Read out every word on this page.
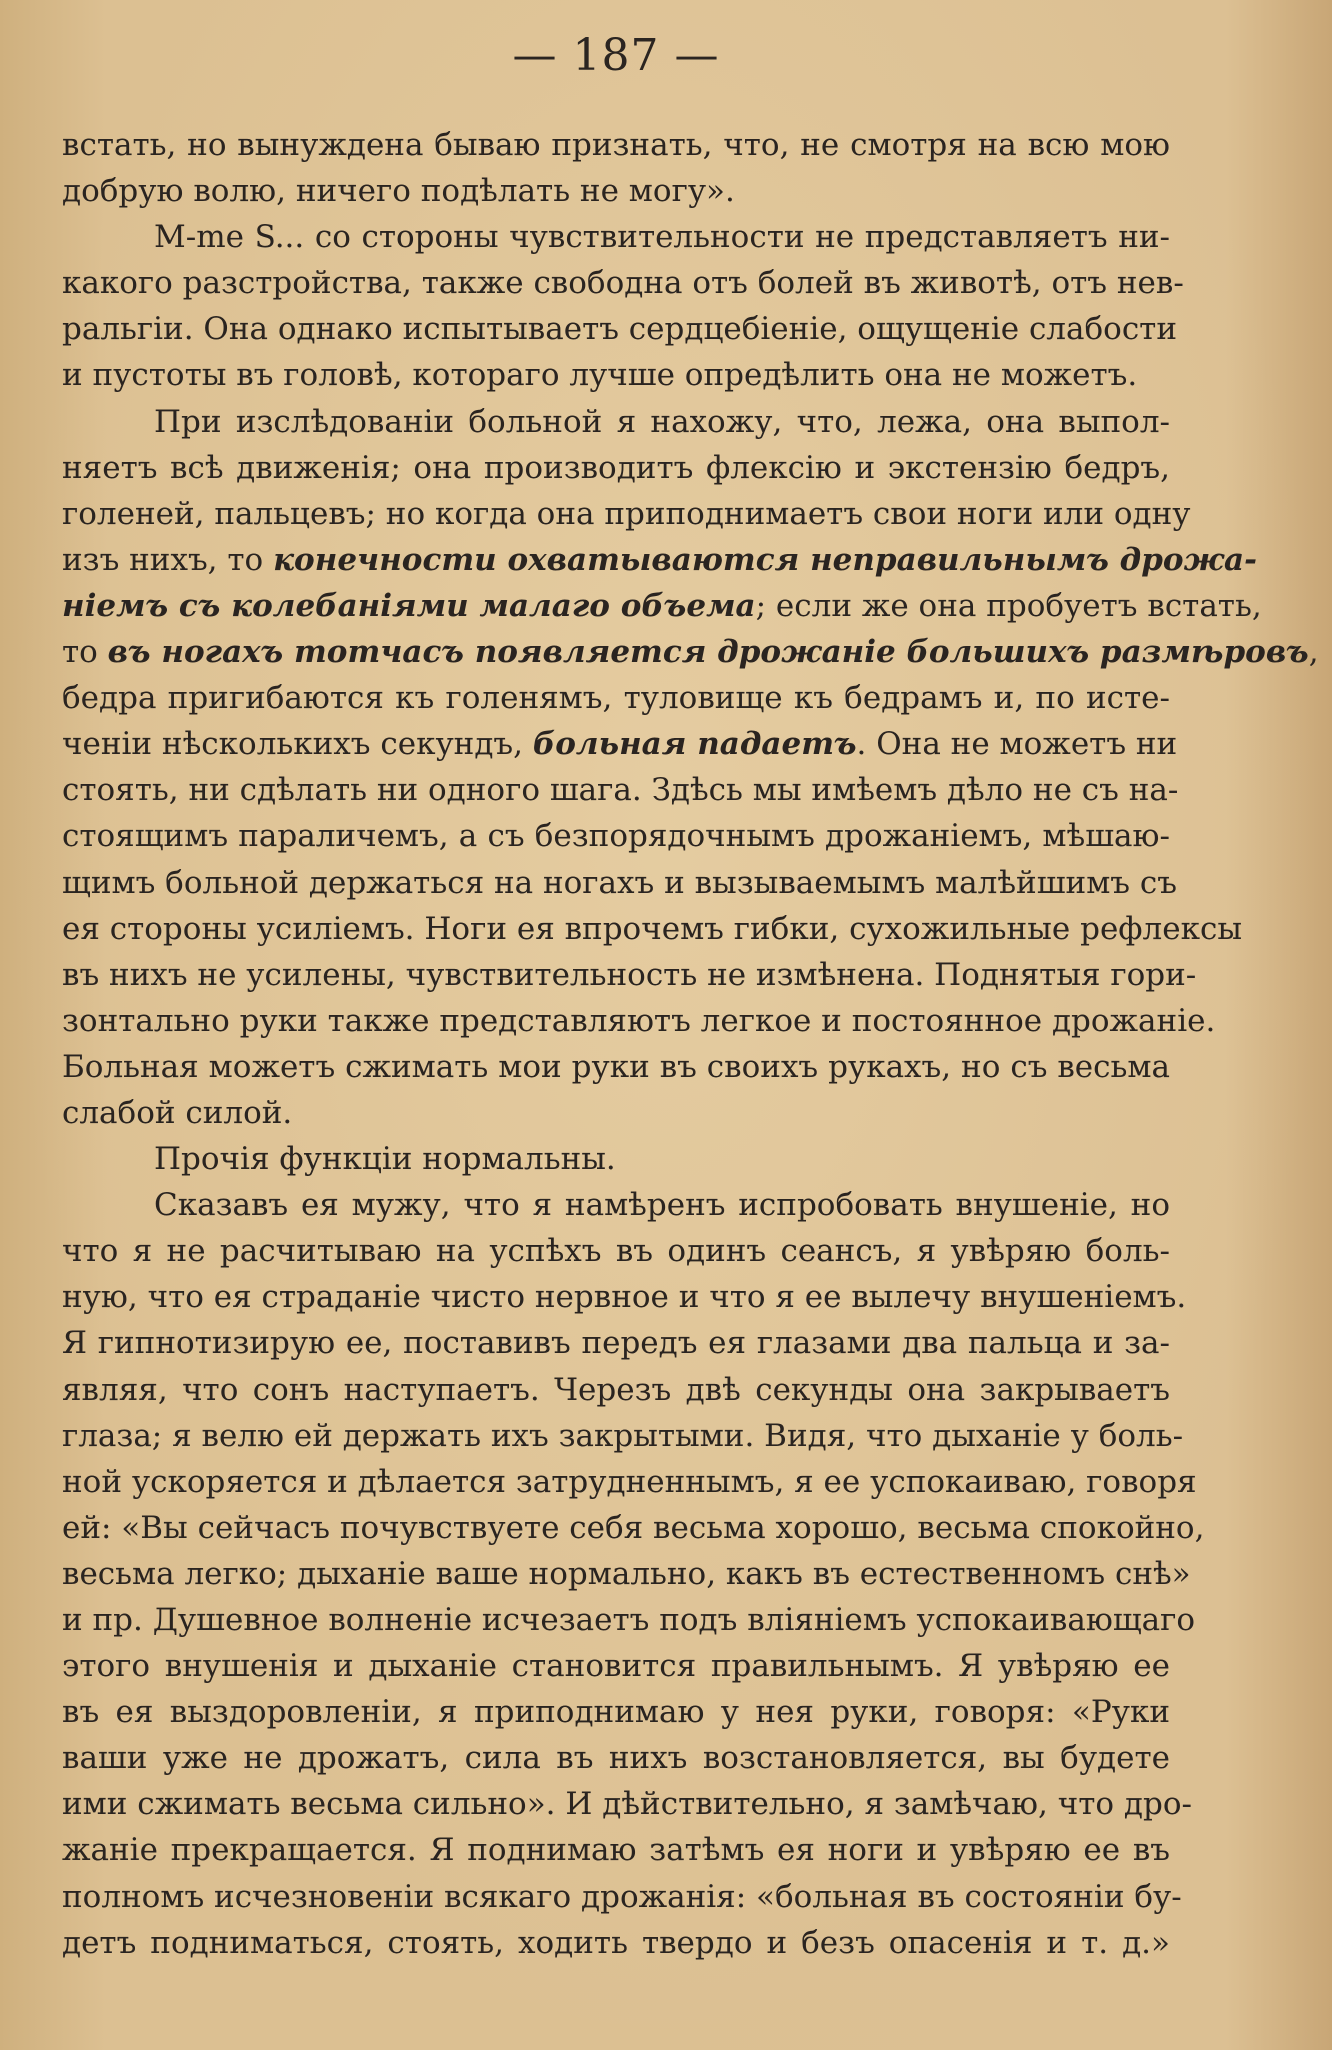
— 187 —
встать, но вынуждена бываю признать, что, не смотря на всю мою
добрую волю, ничего подѣлать не могу».
M-me S... со стороны чувствительности не представляетъ ни-
какого разстройства, также свободна отъ болей въ животѣ, отъ нев-
ральгіи. Она однако испытываетъ сердцебіеніе, ощущеніе слабости
и пустоты въ головѣ, котораго лучше опредѣлить она не можетъ.
При изслѣдованіи больной я нахожу, что, лежа, она выпол-
няетъ всѣ движенія; она производитъ флексію и экстензію бедръ,
голеней, пальцевъ; но когда она приподнимаетъ свои ноги или одну
изъ нихъ, то конечности охватываются неправильнымъ дрожа-
ніемъ съ колебаніями малаго объема; если же она пробуетъ встать,
то въ ногахъ тотчасъ появляется дрожаніе большихъ размѣровъ,
бедра пригибаются къ голенямъ, туловище къ бедрамъ и, по исте-
ченіи нѣсколькихъ секундъ, больная падаетъ. Она не можетъ ни
стоять, ни сдѣлать ни одного шага. Здѣсь мы имѣемъ дѣло не съ на-
стоящимъ параличемъ, а съ безпорядочнымъ дрожаніемъ, мѣшаю-
щимъ больной держаться на ногахъ и вызываемымъ малѣйшимъ съ
ея стороны усиліемъ. Ноги ея впрочемъ гибки, сухожильные рефлексы
въ нихъ не усилены, чувствительность не измѣнена. Поднятыя гори-
зонтально руки также представляютъ легкое и постоянное дрожаніе.
Больная можетъ сжимать мои руки въ своихъ рукахъ, но съ весьма
слабой силой.
Прочія функціи нормальны.
Сказавъ ея мужу, что я намѣренъ испробовать внушеніе, но
что я не расчитываю на успѣхъ въ одинъ сеансъ, я увѣряю боль-
ную, что ея страданіе чисто нервное и что я ее вылечу внушеніемъ.
Я гипнотизирую ее, поставивъ передъ ея глазами два пальца и за-
являя, что сонъ наступаетъ. Черезъ двѣ секунды она закрываетъ
глаза; я велю ей держать ихъ закрытыми. Видя, что дыханіе у боль-
ной ускоряется и дѣлается затрудненнымъ, я ее успокаиваю, говоря
ей: «Вы сейчасъ почувствуете себя весьма хорошо, весьма спокойно,
весьма легко; дыханіе ваше нормально, какъ въ естественномъ снѣ»
и пр. Душевное волненіе исчезаетъ подъ вліяніемъ успокаивающаго
этого внушенія и дыханіе становится правильнымъ. Я увѣряю ее
въ ея выздоровленіи, я приподнимаю у нея руки, говоря: «Руки
ваши уже не дрожатъ, сила въ нихъ возстановляется, вы будете
ими сжимать весьма сильно». И дѣйствительно, я замѣчаю, что дро-
жаніе прекращается. Я поднимаю затѣмъ ея ноги и увѣряю ее въ
полномъ исчезновеніи всякаго дрожанія: «больная въ состояніи бу-
детъ подниматься, стоять, ходить твердо и безъ опасенія и т. д.»
